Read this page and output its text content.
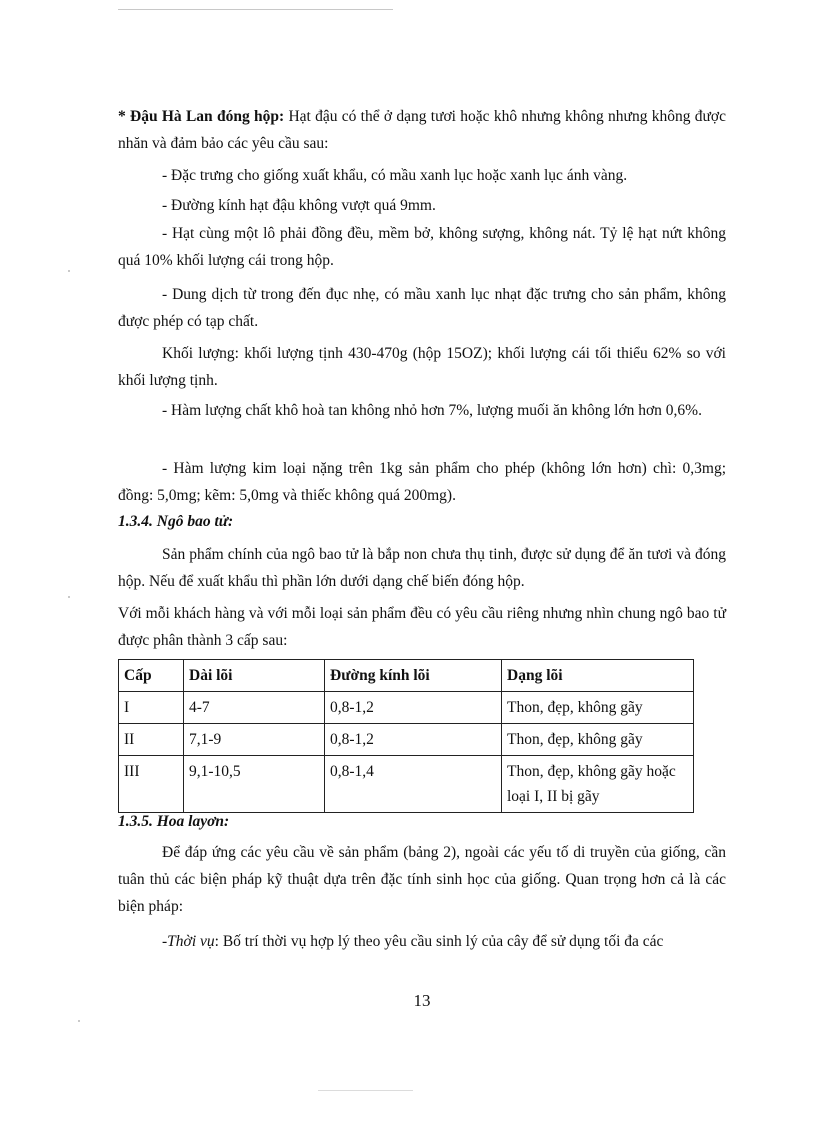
* Đậu Hà Lan đóng hộp: Hạt đậu có thể ở dạng tươi hoặc khô nhưng không nhưng không được nhăn và đảm bảo các yêu cầu sau:
- Đặc trưng cho giống xuất khẩu, có mầu xanh lục hoặc xanh lục ánh vàng.
- Đường kính hạt đậu không vượt quá 9mm.
- Hạt cùng một lô phải đồng đều, mềm bở, không sượng, không nát. Tỷ lệ hạt nứt không quá 10% khối lượng cái trong hộp.
- Dung dịch từ trong đến đục nhẹ, có mầu xanh lục nhạt đặc trưng cho sản phẩm, không được phép có tạp chất.
Khối lượng: khối lượng tịnh 430-470g (hộp 15OZ); khối lượng cái tối thiểu 62% so với khối lượng tịnh.
- Hàm lượng chất khô hoà tan không nhỏ hơn 7%, lượng muối ăn không lớn hơn 0,6%.
- Hàm lượng kim loại nặng trên 1kg sản phẩm cho phép (không lớn hơn) chì: 0,3mg; đồng: 5,0mg; kẽm: 5,0mg và thiếc không quá 200mg).
1.3.4. Ngô bao tử:
Sản phẩm chính của ngô bao tử là bắp non chưa thụ tinh, được sử dụng để ăn tươi và đóng hộp. Nếu để xuất khẩu thì phần lớn dưới dạng chế biến đóng hộp.
Với mỗi khách hàng và với mỗi loại sản phẩm đều có yêu cầu riêng nhưng nhìn chung ngô bao tử được phân thành 3 cấp sau:
Cấp	Dài lõi	Đường kính lõi	Dạng lõi
I	4-7	0,8-1,2	Thon, đẹp, không gãy
II	7,1-9	0,8-1,2	Thon, đẹp, không gãy
III	9,1-10,5	0,8-1,4	Thon, đẹp, không gãy hoặc loại I, II bị gãy
1.3.5. Hoa layơn:
Để đáp ứng các yêu cầu về sản phẩm (bảng 2), ngoài các yếu tố di truyền của giống, cần tuân thủ các biện pháp kỹ thuật dựa trên đặc tính sinh học của giống. Quan trọng hơn cả là các biện pháp:
-Thời vụ: Bố trí thời vụ hợp lý theo yêu cầu sinh lý của cây để sử dụng tối đa các
13
